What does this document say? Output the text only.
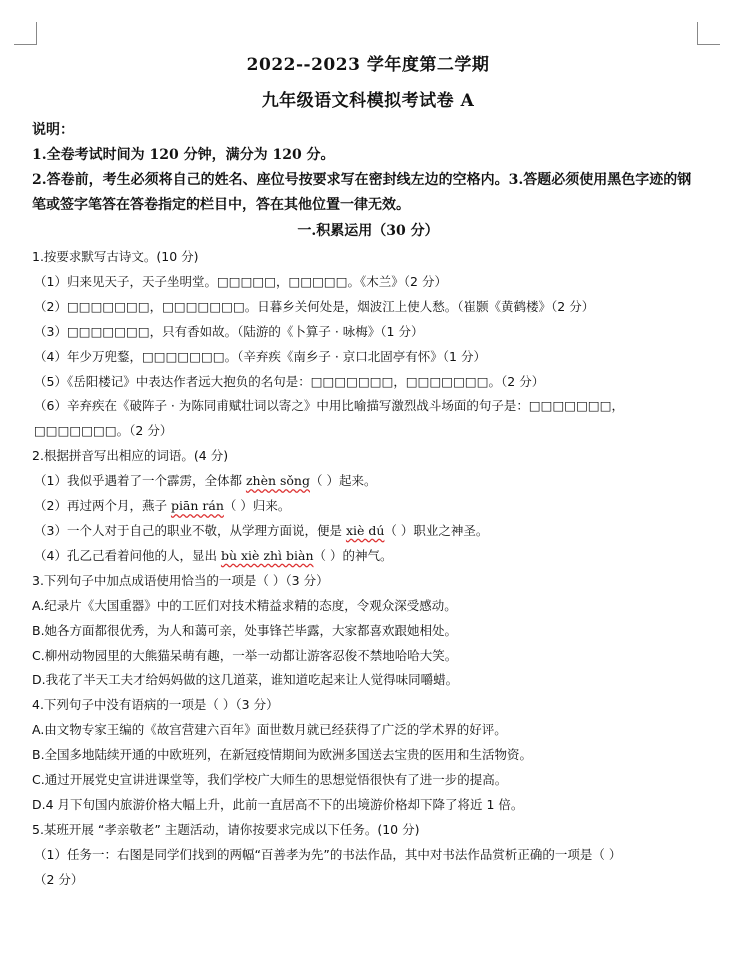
2022--2023 学年度第二学期

九年级语文科模拟考试卷 A

说明：

1.全卷考试时间为 120 分钟，满分为 120 分。

2.答卷前，考生必须将自己的姓名、座位号按要求写在密封线左边的空格内。3.答题必须使用黑色字迹的钢笔或签字笔答在答卷指定的栏目中，答在其他位置一律无效。

一.积累运用（30 分）

1.按要求默写古诗文。(10 分)

（1）归来见天子，天子坐明堂。□□□□□，□□□□□。《木兰》（2 分）

（2）□□□□□□□，□□□□□□□。日暮乡关何处是，烟波江上使人愁。（崔颢《黄鹤楼》（2 分）

（3）□□□□□□□，只有香如故。（陆游的《卜算子 · 咏梅》（1 分）

（4）年少万兜鍪，□□□□□□□。（辛弃疾《南乡子 · 京口北固亭有怀》（1 分）

（5）《岳阳楼记》中表达作者远大抱负的名句是：□□□□□□□，□□□□□□□。（2 分）

（6）辛弃疾在《破阵子 · 为陈同甫赋壮词以寄之》中用比喻描写激烈战斗场面的句子是：□□□□□□□，

□□□□□□□。（2 分）

2.根据拼音写出相应的词语。(4 分)

（1）我似乎遇着了一个霹雳，全体都 zhèn sǒng（ ）起来。

（2）再过两个月，燕子 piān rán（ ）归来。

（3）一个人对于自己的职业不敬，从学理方面说，便是 xiè dú（ ）职业之神圣。

（4）孔乙己看着问他的人，显出 bù xiè zhì biàn（ ）的神气。

3.下列句子中加点成语使用恰当的一项是（ ）（3 分）

A.纪录片《大国重器》中的工匠们对技术精益求精的态度，令观众深受感动。

B.她各方面都很优秀，为人和蔼可亲，处事锋芒毕露，大家都喜欢跟她相处。

C.柳州动物园里的大熊猫呆萌有趣，一举一动都让游客忍俊不禁地哈哈大笑。

D.我花了半天工夫才给妈妈做的这几道菜，谁知道吃起来让人觉得味同嚼蜡。

4.下列句子中没有语病的一项是（ ）（3 分）

A.由文物专家王编的《故宫营建六百年》面世数月就已经获得了广泛的学术界的好评。

B.全国多地陆续开通的中欧班列，在新冠疫情期间为欧洲多国送去宝贵的医用和生活物资。

C.通过开展党史宣讲进课堂等，我们学校广大师生的思想觉悟很快有了进一步的提高。

D.4 月下旬国内旅游价格大幅上升，此前一直居高不下的出境游价格却下降了将近 1 倍。

5.某班开展 “孝亲敬老” 主题活动，请你按要求完成以下任务。(10 分)

（1）任务一：右图是同学们找到的两幅“百善孝为先”的书法作品，其中对书法作品赏析正确的一项是（ ）

（2 分）
